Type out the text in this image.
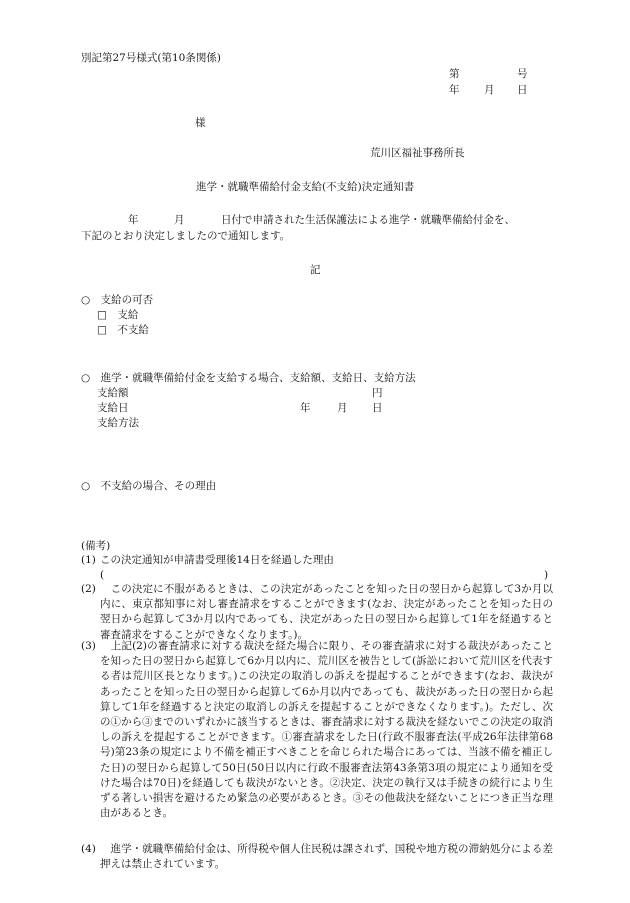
別記第27号様式(第10条関係)
第	号
年 月 日
様
荒川区福祉事務所長
進学・就職準備給付金支給(不支給)決定通知書
年	月	日付で申請された生活保護法による進学・就職準備給付金を、
下記のとおり決定しましたので通知します。
記
○　支給の可否
□　支給
□　不支給
○　進学・就職準備給付金を支給する場合、支給額、支給日、支給方法
支給額	円
支給日	年	月 日
支給方法
○　不支給の場合、その理由
(備考)
(1) この決定通知が申請書受理後14日を経過した理由
(	)
(2) 　この決定に不服があるときは、この決定があったことを知った日の翌日から起算して3か月以内に、東京都知事に対し審査請求をすることができます(なお、決定があったことを知った日の翌日から起算して3か月以内であっても、決定があった日の翌日から起算して1年を経過すると審査請求をすることができなくなります。)。
(3) 　上記(2)の審査請求に対する裁決を経た場合に限り、その審査請求に対する裁決があったことを知った日の翌日から起算して6か月以内に、荒川区を被告として(訴訟において荒川区を代表する者は荒川区長となります。)この決定の取消しの訴えを提起することができます(なお、裁決があったことを知った日の翌日から起算して6か月以内であっても、裁決があった日の翌日から起算して1年を経過すると決定の取消しの訴えを提起することができなくなります。)。ただし、次の①から③までのいずれかに該当するときは、審査請求に対する裁決を経ないでこの決定の取消しの訴えを提起することができます。①審査請求をした日(行政不服審査法(平成26年法律第68号)第23条の規定により不備を補正すべきことを命じられた場合にあっては、当該不備を補正した日)の翌日から起算して50日(50日以内に行政不服審査法第43条第3項の規定により通知を受けた場合は70日)を経過しても裁決がないとき。②決定、決定の執行又は手続きの続行により生ずる著しい損害を避けるため緊急の必要があるとき。③その他裁決を経ないことにつき正当な理由があるとき。
(4) 　進学・就職準備給付金は、所得税や個人住民税は課されず、国税や地方税の滞納処分による差押えは禁止されています。
